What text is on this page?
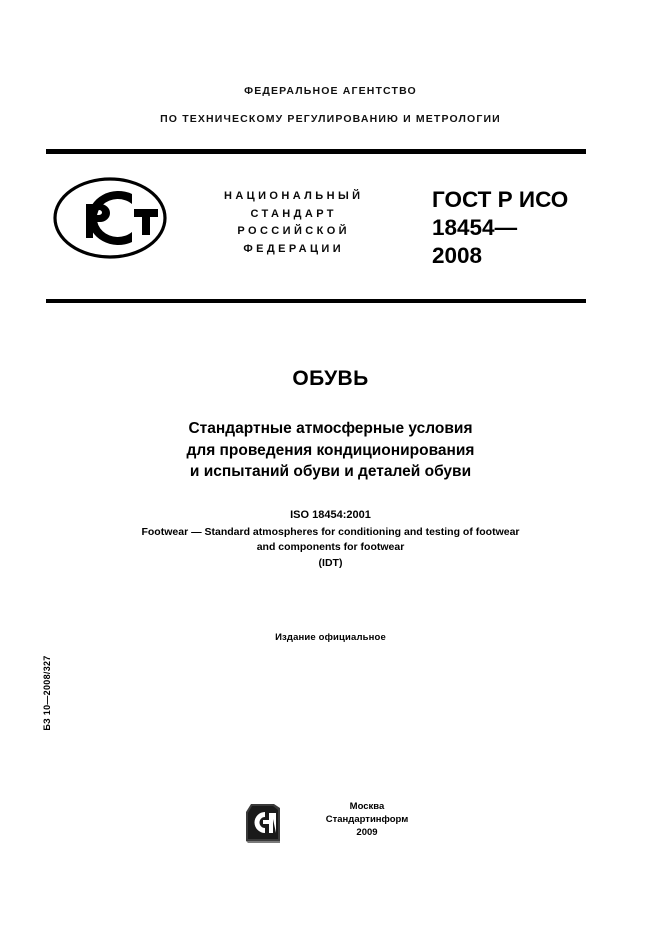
ФЕДЕРАЛЬНОЕ АГЕНТСТВО
ПО ТЕХНИЧЕСКОМУ РЕГУЛИРОВАНИЮ И МЕТРОЛОГИИ
НАЦИОНАЛЬНЫЙ
СТАНДАРТ
РОССИЙСКОЙ
ФЕДЕРАЦИИ
ГОСТ Р ИСО
18454—
2008
ОБУВЬ
Стандартные атмосферные условия
для проведения кондиционирования
и испытаний обуви и деталей обуви
ISO 18454:2001
Footwear — Standard atmospheres for conditioning and testing of footwear
and components for footwear
(IDT)
Издание официальное
БЗ 10—2008/327
Москва
Стандартинформ
2009
